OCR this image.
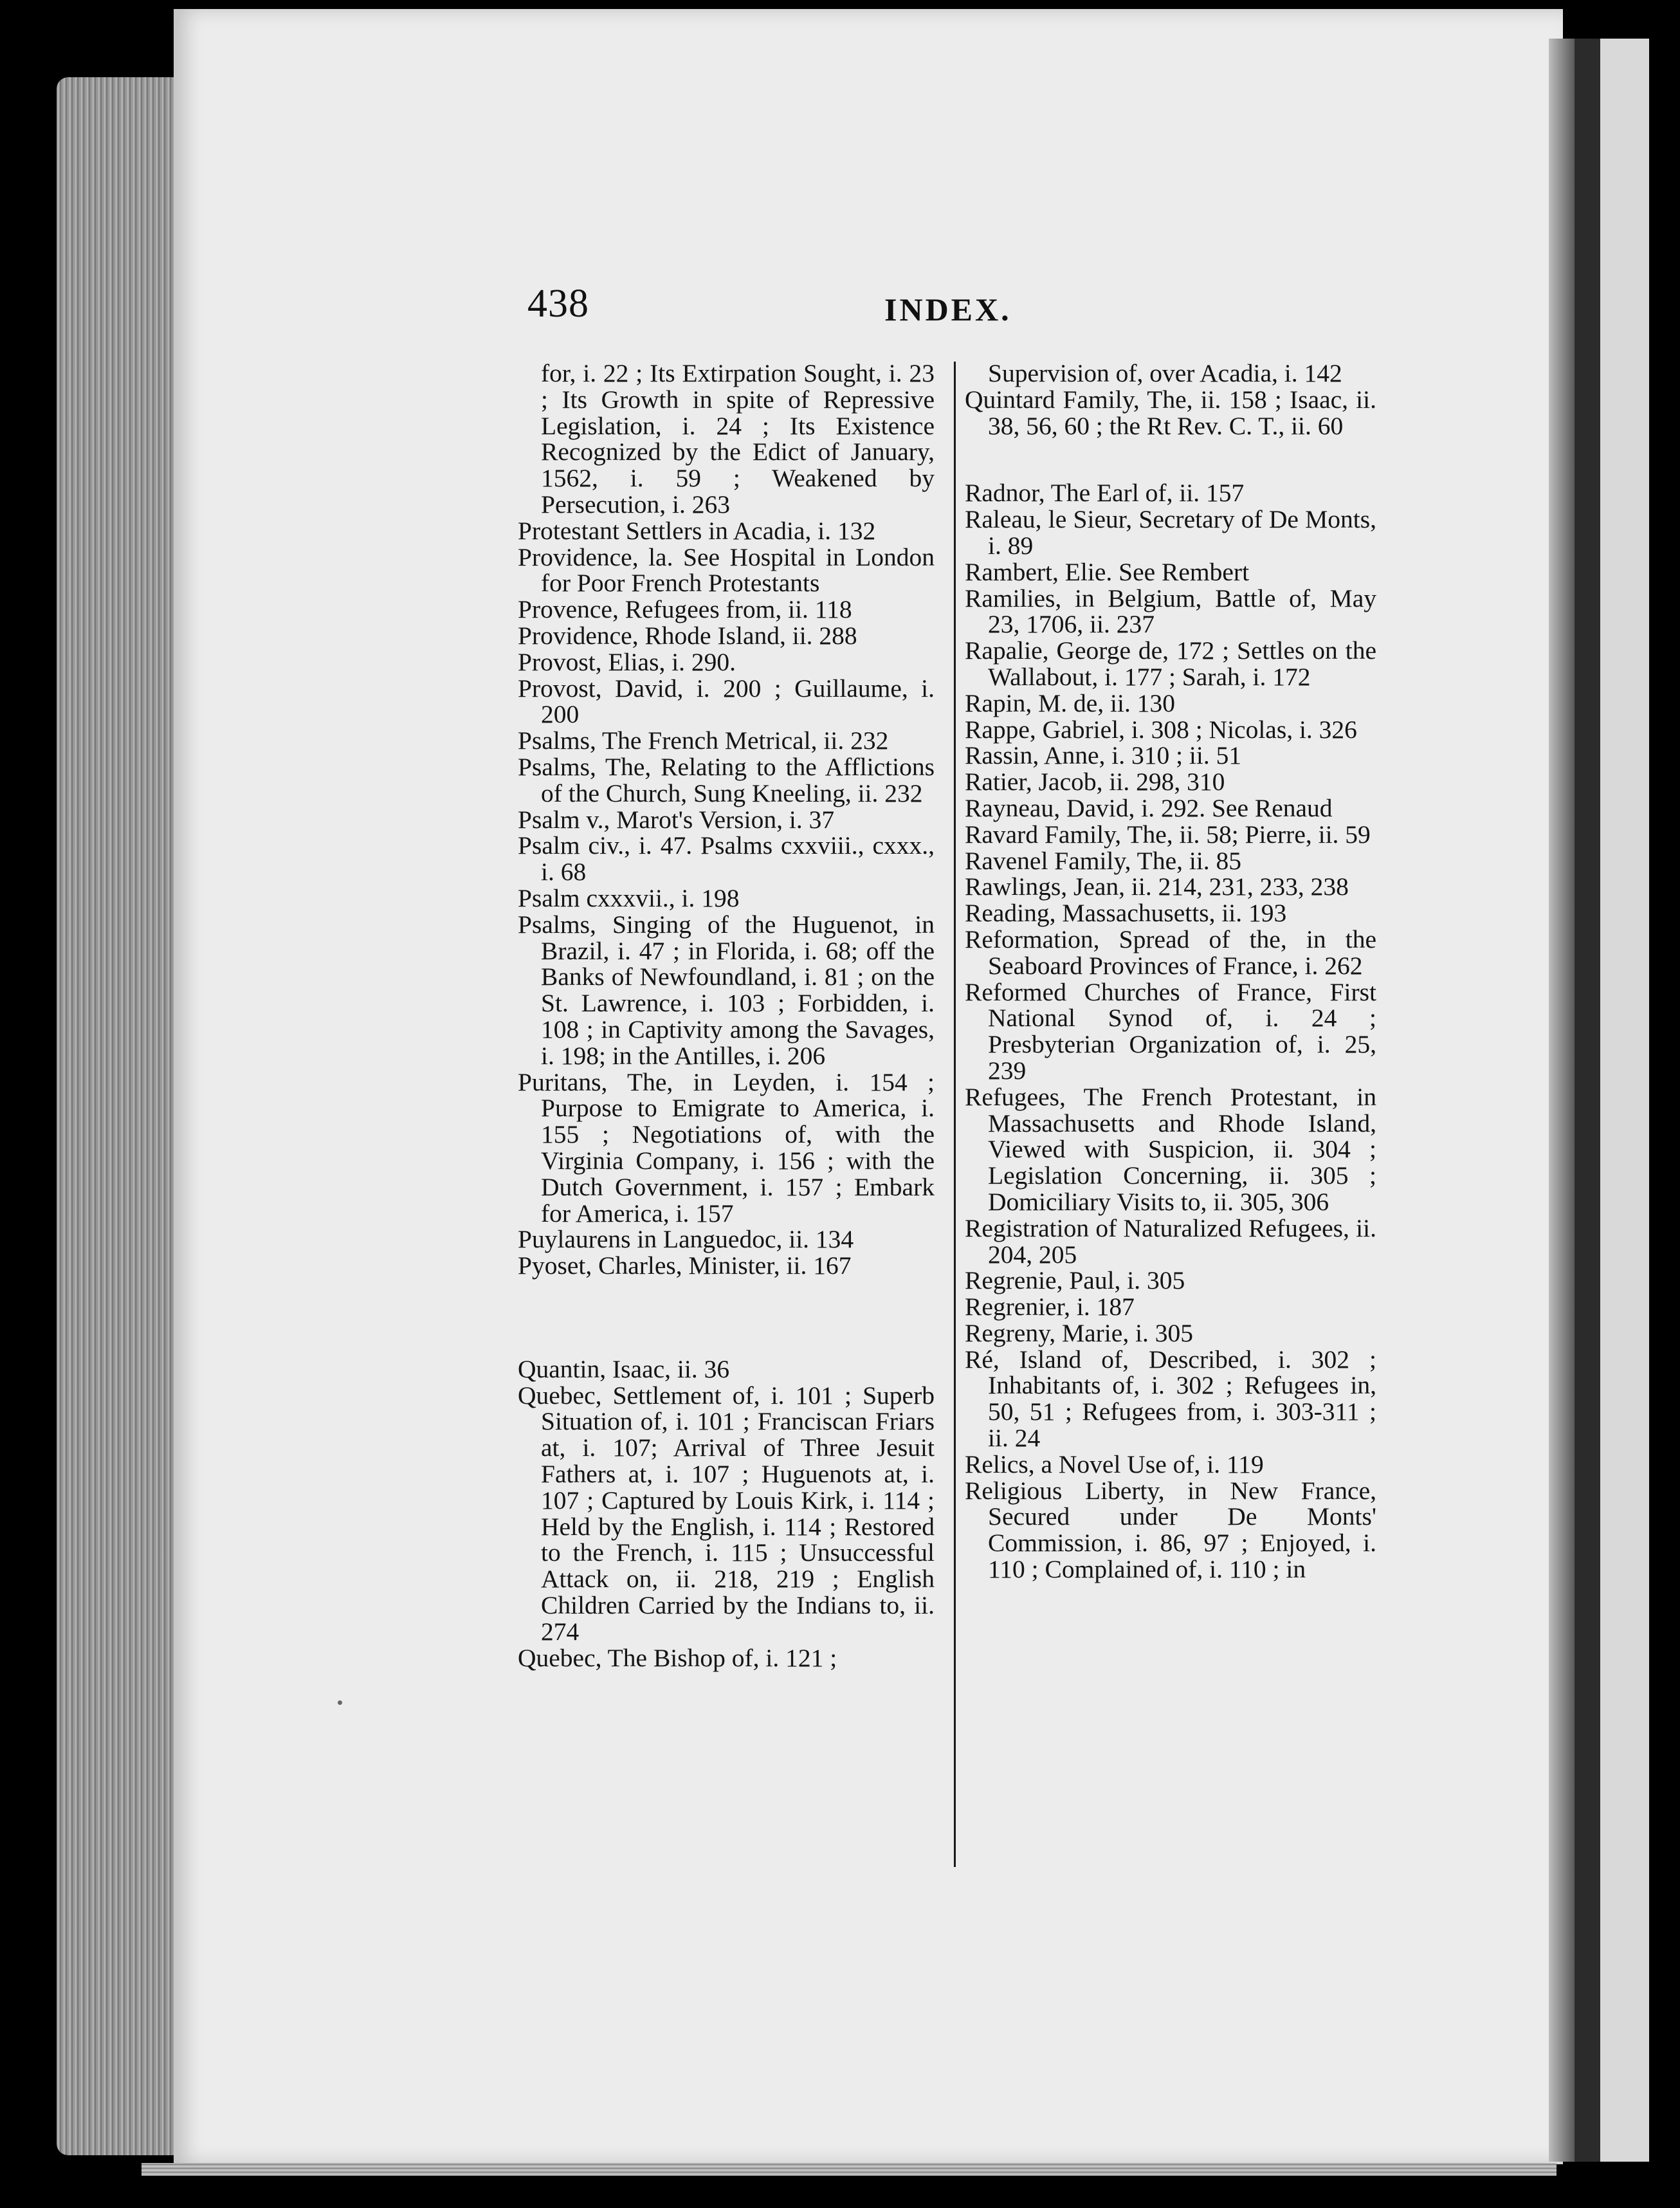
438	INDEX.
for, i. 22 ; Its Extirpation Sought, i. 23 ; Its Growth in spite of Repressive Legislation, i. 24 ; Its Existence Recognized by the Edict of January, 1562, i. 59 ; Weakened by Persecution, i. 263
Protestant Settlers in Acadia, i. 132
Providence, la. See Hospital in London for Poor French Protestants
Provence, Refugees from, ii. 118
Providence, Rhode Island, ii. 288
Provost, Elias, i. 290.
Provost, David, i. 200 ; Guillaume, i. 200
Psalms, The French Metrical, ii. 232
Psalms, The, Relating to the Afflictions of the Church, Sung Kneeling, ii. 232
Psalm v., Marot's Version, i. 37
Psalm civ., i. 47. Psalms cxxviii., cxxx., i. 68
Psalm cxxxvii., i. 198
Psalms, Singing of the Huguenot, in Brazil, i. 47 ; in Florida, i. 68; off the Banks of Newfoundland, i. 81 ; on the St. Lawrence, i. 103 ; Forbidden, i. 108 ; in Captivity among the Savages, i. 198; in the Antilles, i. 206
Puritans, The, in Leyden, i. 154 ; Purpose to Emigrate to America, i. 155 ; Negotiations of, with the Virginia Company, i. 156 ; with the Dutch Government, i. 157 ; Embark for America, i. 157
Puylaurens in Languedoc, ii. 134
Pyoset, Charles, Minister, ii. 167
Quantin, Isaac, ii. 36
Quebec, Settlement of, i. 101 ; Superb Situation of, i. 101 ; Franciscan Friars at, i. 107; Arrival of Three Jesuit Fathers at, i. 107 ; Huguenots at, i. 107 ; Captured by Louis Kirk, i. 114 ; Held by the English, i. 114 ; Restored to the French, i. 115 ; Unsuccessful Attack on, ii. 218, 219 ; English Children Carried by the Indians to, ii. 274
Quebec, The Bishop of, i. 121 ;
Supervision of, over Acadia, i. 142
Quintard Family, The, ii. 158 ; Isaac, ii. 38, 56, 60 ; the Rt Rev. C. T., ii. 60
Radnor, The Earl of, ii. 157
Raleau, le Sieur, Secretary of De Monts, i. 89
Rambert, Elie. See Rembert
Ramilies, in Belgium, Battle of, May 23, 1706, ii. 237
Rapalie, George de, 172 ; Settles on the Wallabout, i. 177 ; Sarah, i. 172
Rapin, M. de, ii. 130
Rappe, Gabriel, i. 308 ; Nicolas, i. 326
Rassin, Anne, i. 310 ; ii. 51
Ratier, Jacob, ii. 298, 310
Rayneau, David, i. 292. See Renaud
Ravard Family, The, ii. 58; Pierre, ii. 59
Ravenel Family, The, ii. 85
Rawlings, Jean, ii. 214, 231, 233, 238
Reading, Massachusetts, ii. 193
Reformation, Spread of the, in the Seaboard Provinces of France, i. 262
Reformed Churches of France, First National Synod of, i. 24 ; Presbyterian Organization of, i. 25, 239
Refugees, The French Protestant, in Massachusetts and Rhode Island, Viewed with Suspicion, ii. 304 ; Legislation Concerning, ii. 305 ; Domiciliary Visits to, ii. 305, 306
Registration of Naturalized Refugees, ii. 204, 205
Regrenie, Paul, i. 305
Regrenier, i. 187
Regreny, Marie, i. 305
Ré, Island of, Described, i. 302 ; Inhabitants of, i. 302 ; Refugees in, 50, 51 ; Refugees from, i. 303-311 ; ii. 24
Relics, a Novel Use of, i. 119
Religious Liberty, in New France, Secured under De Monts' Commission, i. 86, 97 ; Enjoyed, i. 110 ; Complained of, i. 110 ; in
